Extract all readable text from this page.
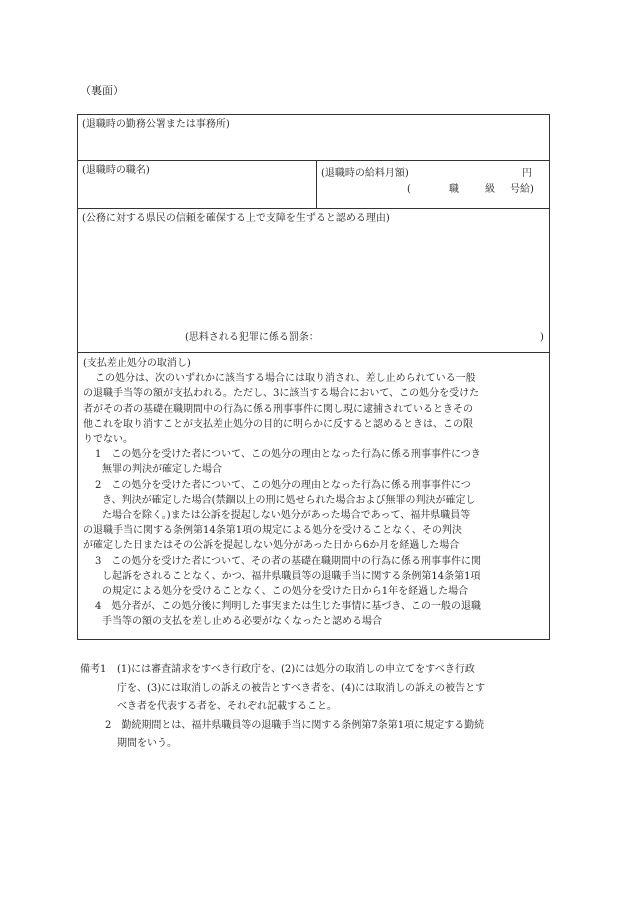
（裏面）
(退職時の勤務公署または事務所)
(退職時の職名)	(退職時の給料月額)	円
(	職	級 号給)
(公務に対する県民の信頼を確保する上で支障を生ずると認める理由)
(思料される犯罪に係る罰条：	)
(支払差止処分の取消し)
この処分は、次のいずれかに該当する場合には取り消され、差し止められている一般
の退職手当等の額が支払われる。ただし、3に該当する場合において、この処分を受けた
者がその者の基礎在職期間中の行為に係る刑事事件に関し現に逮捕されているときその
他これを取り消すことが支払差止処分の目的に明らかに反すると認めるときは、この限
りでない。
1　 この処分を受けた者について、この処分の理由となった行為に係る刑事事件につき
無罪の判決が確定した場合
2　 この処分を受けた者について、この処分の理由となった行為に係る刑事事件につ
き、判決が確定した場合(禁錮以上の刑に処せられた場合および無罪の判決が確定し
た場合を除く。)または公訴を提起しない処分があった場合であって、福井県職員等
の退職手当に関する条例第14条第1項の規定による処分を受けることなく、その判決
が確定した日またはその公訴を提起しない処分があった日から6か月を経過した場合
3　 この処分を受けた者について、その者の基礎在職期間中の行為に係る刑事事件に関
し起訴をされることなく、かつ、福井県職員等の退職手当に関する条例第14条第1項
の規定による処分を受けることなく、この処分を受けた日から1年を経過した場合
4　 処分者が、この処分後に判明した事実または生じた事情に基づき、この一般の退職
手当等の額の支払を差し止める必要がなくなったと認める場合
備考1	(1)には審査請求をすべき行政庁を、(2)には処分の取消しの申立てをすべき行政
庁を、(3)には取消しの訴えの被告とすべき者を、(4)には取消しの訴えの被告とす
べき者を代表する者を、それぞれ記載すること。
2　 勤続期間とは、福井県職員等の退職手当に関する条例第7条第1項に規定する勤続
期間をいう。
